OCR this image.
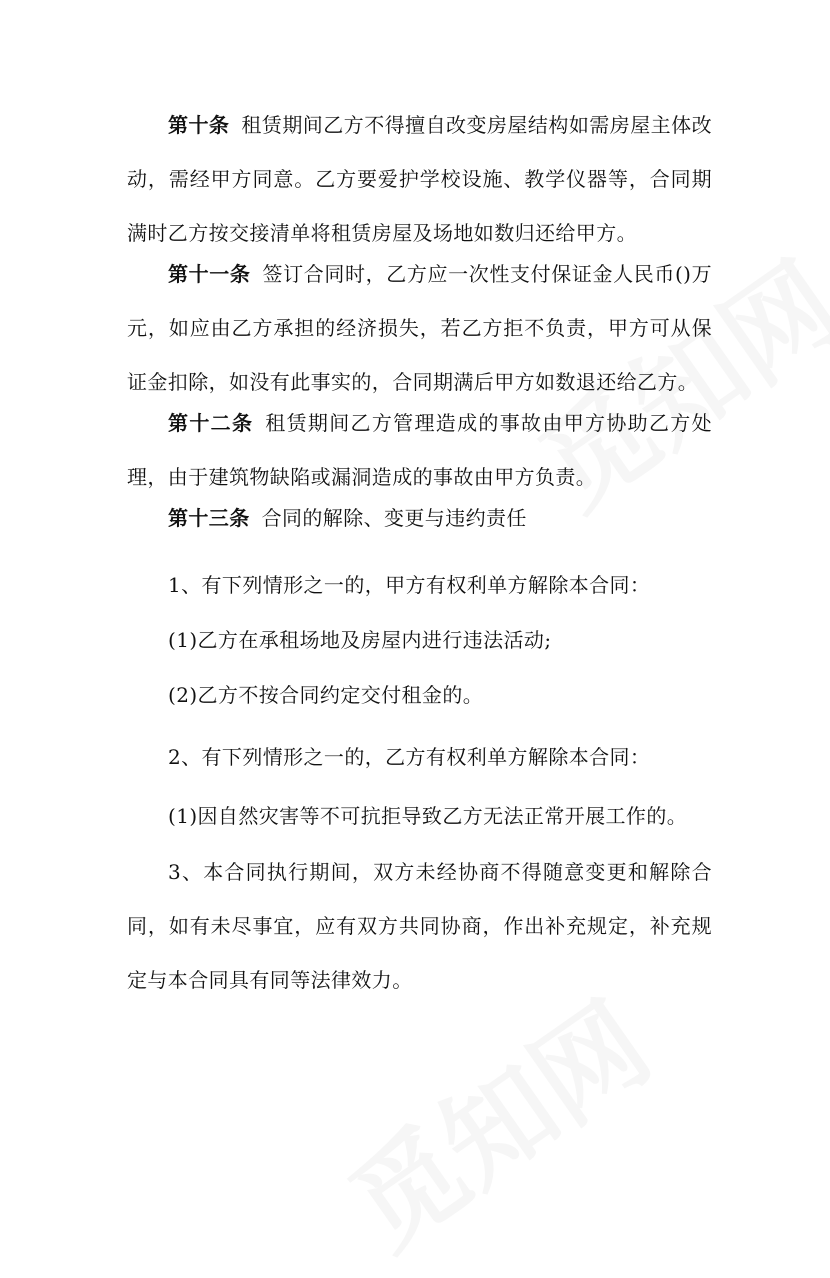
第十条 租赁期间乙方不得擅自改变房屋结构如需房屋主体改动，需经甲方同意。乙方要爱护学校设施、教学仪器等，合同期满时乙方按交接清单将租赁房屋及场地如数归还给甲方。

第十一条 签订合同时，乙方应一次性支付保证金人民币()万元，如应由乙方承担的经济损失，若乙方拒不负责，甲方可从保证金扣除，如没有此事实的，合同期满后甲方如数退还给乙方。

第十二条 租赁期间乙方管理造成的事故由甲方协助乙方处理，由于建筑物缺陷或漏洞造成的事故由甲方负责。

第十三条 合同的解除、变更与违约责任

1、有下列情形之一的，甲方有权利单方解除本合同：

(1)乙方在承租场地及房屋内进行违法活动;

(2)乙方不按合同约定交付租金的。

2、有下列情形之一的，乙方有权利单方解除本合同：

(1)因自然灾害等不可抗拒导致乙方无法正常开展工作的。

3、本合同执行期间，双方未经协商不得随意变更和解除合同，如有未尽事宜，应有双方共同协商，作出补充规定，补充规定与本合同具有同等法律效力。
